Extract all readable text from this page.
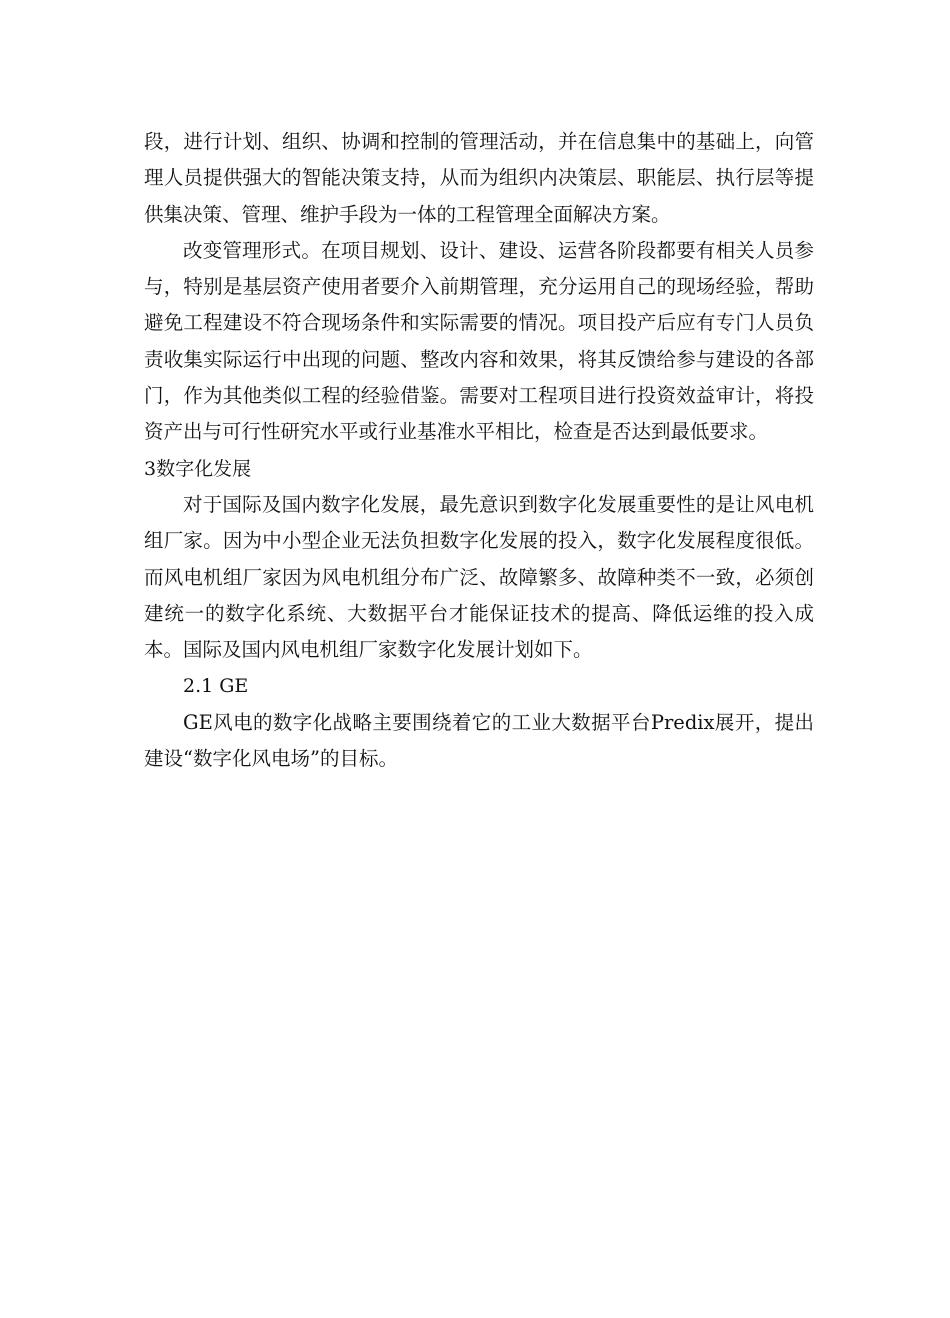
段，进行计划、组织、协调和控制的管理活动，并在信息集中的基础上，向管理人员提供强大的智能决策支持，从而为组织内决策层、职能层、执行层等提供集决策、管理、维护手段为一体的工程管理全面解决方案。

改变管理形式。在项目规划、设计、建设、运营各阶段都要有相关人员参与，特别是基层资产使用者要介入前期管理，充分运用自己的现场经验，帮助避免工程建设不符合现场条件和实际需要的情况。项目投产后应有专门人员负责收集实际运行中出现的问题、整改内容和效果，将其反馈给参与建设的各部门，作为其他类似工程的经验借鉴。需要对工程项目进行投资效益审计，将投资产出与可行性研究水平或行业基准水平相比，检查是否达到最低要求。

3数字化发展

对于国际及国内数字化发展，最先意识到数字化发展重要性的是让风电机组厂家。因为中小型企业无法负担数字化发展的投入，数字化发展程度很低。而风电机组厂家因为风电机组分布广泛、故障繁多、故障种类不一致，必须创建统一的数字化系统、大数据平台才能保证技术的提高、降低运维的投入成本。国际及国内风电机组厂家数字化发展计划如下。

2.1 GE

GE风电的数字化战略主要围绕着它的工业大数据平台Predix展开，提出建设“数字化风电场”的目标。
